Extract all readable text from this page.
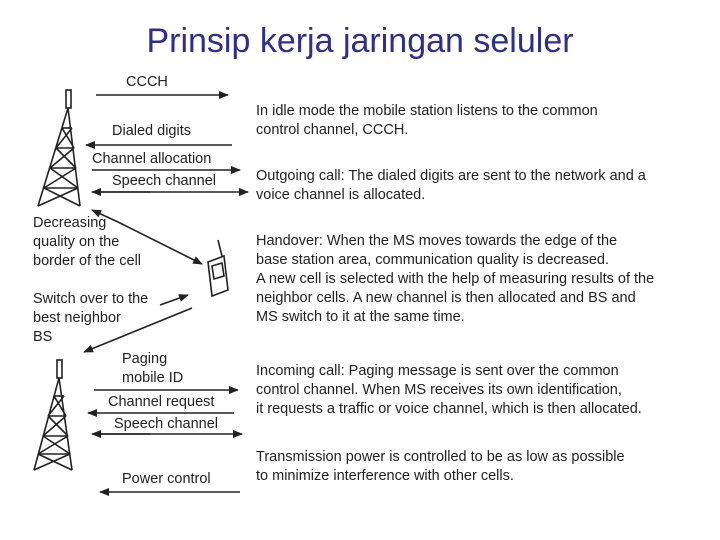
Prinsip kerja jaringan seluler
CCCH
Dialed digits
Channel allocation
Speech channel
Decreasing
quality on the
border of the cell
Switch over to the
best neighbor
BS
Paging
mobile ID
Channel request
Speech channel
Power control
In idle mode the mobile station listens to the common
control channel, CCCH.
Outgoing call: The dialed digits are sent to the network and a
voice channel is allocated.
Handover: When the MS moves towards the edge of the
base station area, communication quality is decreased.
A new cell is selected with the help of measuring results of the
neighbor cells. A new channel is then allocated and BS and
MS switch to it at the same time.
Incoming call: Paging message is sent over the common
control channel. When MS receives its own identification,
it requests a traffic or voice channel, which is then allocated.
Transmission power is controlled to be as low as possible
to minimize interference with other cells.
